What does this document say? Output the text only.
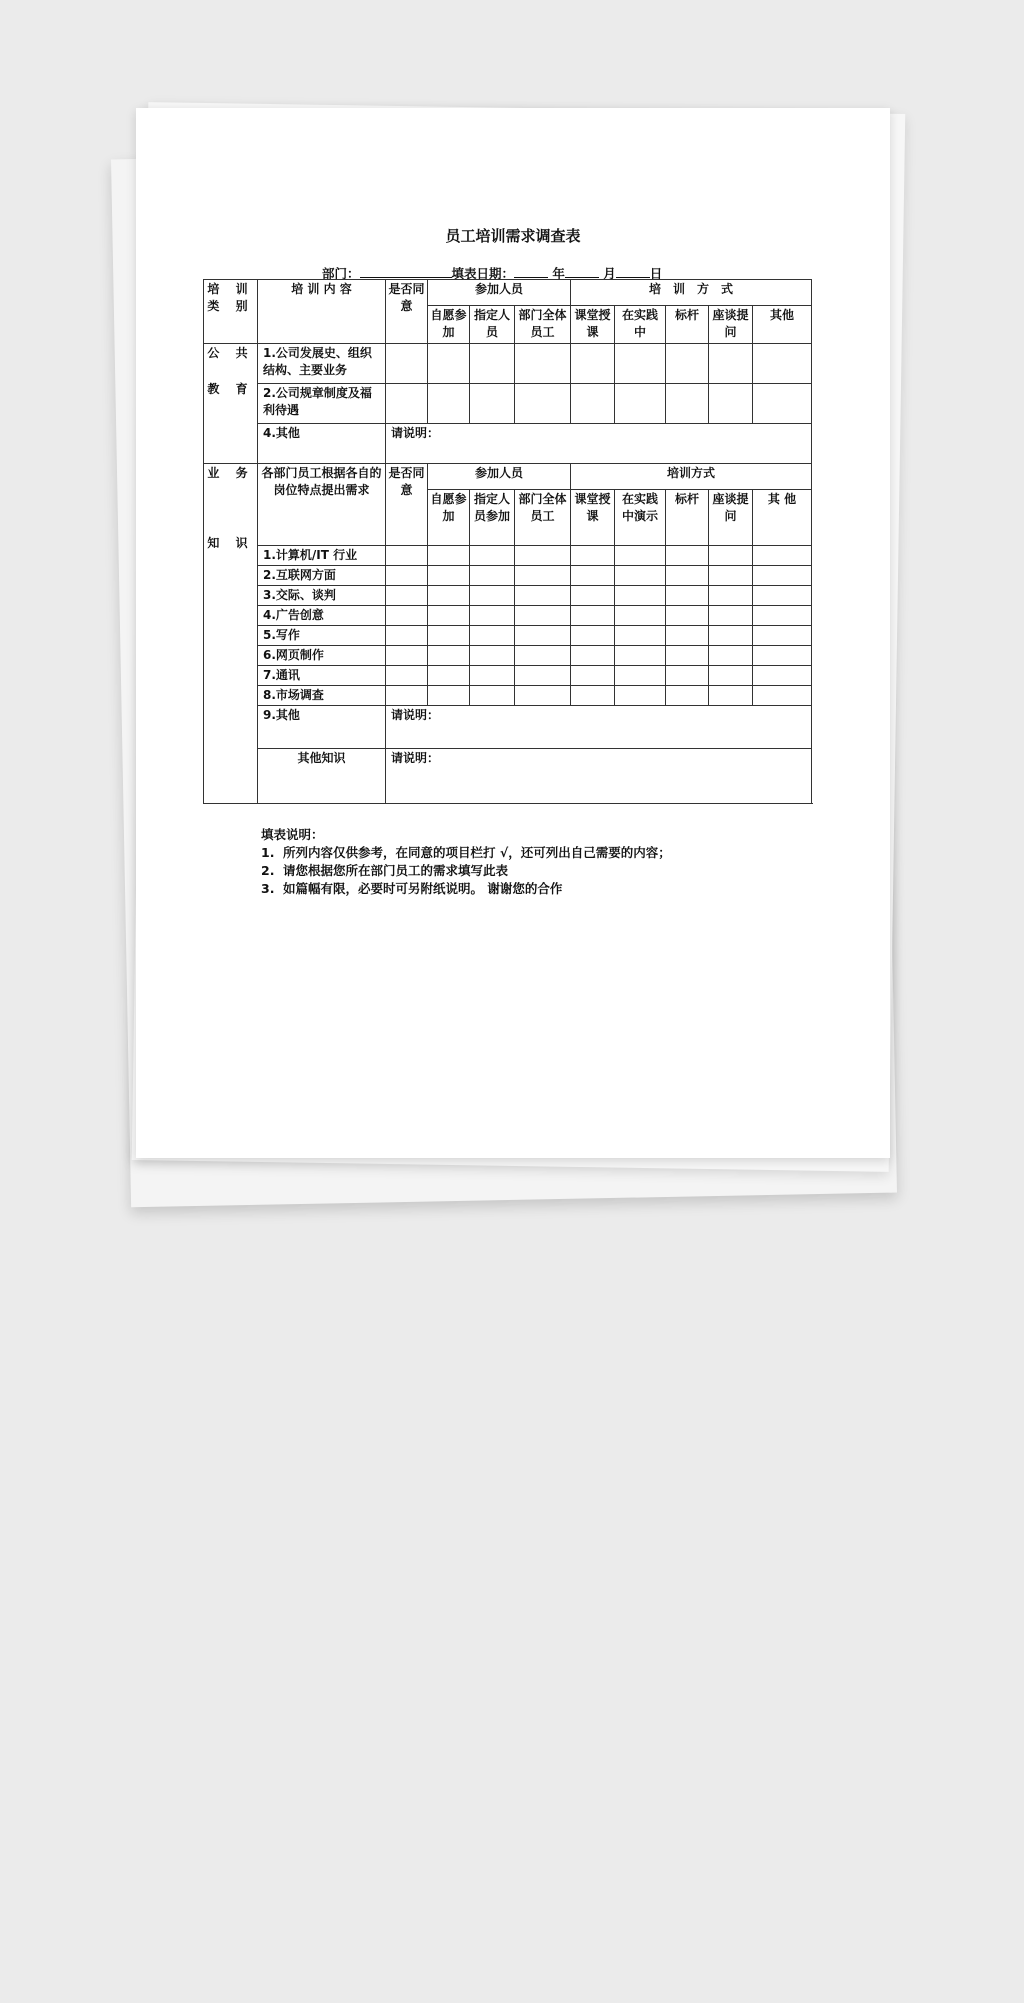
员工培训需求调查表
部门：	填表日期：	年	月	日
培 训 类 别	培 训 内 容	是否同意	参加人员			培　训　方　式				
			自愿参加	指定人员	部门全体员工	课堂授课	在实践中	标杆	座谈提问	其他

公 共
教 育	1.公司发展史、组织结构、主要业务									
	2.公司规章制度及福利待遇									
	4.其他	请说明：								

业 务
知 识	各部门员工根据各自的岗位特点提出需求	是否同意	参加人员			培训方式				
			自愿参加	指定人员参加	部门全体员工	课堂授课	在实践中演示	标杆	座谈提问	其 他
	1.计算机/IT 行业									
	2.互联网方面									
	3.交际、谈判									
	4.广告创意									
	5.写作									
	6.网页制作									
	7.通讯									
	8.市场调查									
	9.其他	请说明：								
	其他知识	请说明：								
填表说明：
1. 所列内容仅供参考，在同意的项目栏打 √，还可列出自己需要的内容；
2. 请您根据您所在部门员工的需求填写此表
3. 如篇幅有限，必要时可另附纸说明。 谢谢您的合作
